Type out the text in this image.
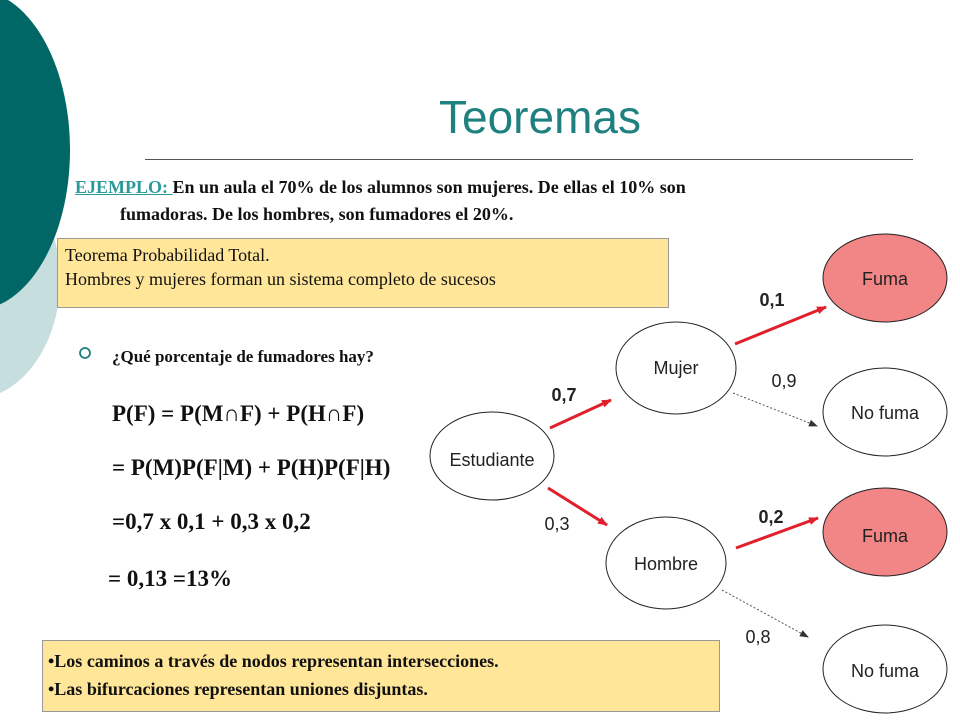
Teoremas
EJEMPLO: En un aula el 70% de los alumnos son mujeres. De ellas el 10% son
fumadoras. De los hombres, son fumadores el 20%.
Teorema Probabilidad Total.
Hombres y mujeres forman un sistema completo de sucesos
¿Qué porcentaje de fumadores hay?
P(F) = P(M∩F) + P(H∩F)
= P(M)P(F|M) + P(H)P(F|H)
=0,7 x 0,1 + 0,3 x 0,2
= 0,13 =13%
Estudiante
Mujer
Hombre
Fuma
No fuma
Fuma
No fuma
0,7
0,3
0,1
0,9
0,2
0,8
•Los caminos a través de nodos representan intersecciones.
•Las bifurcaciones representan uniones disjuntas.
